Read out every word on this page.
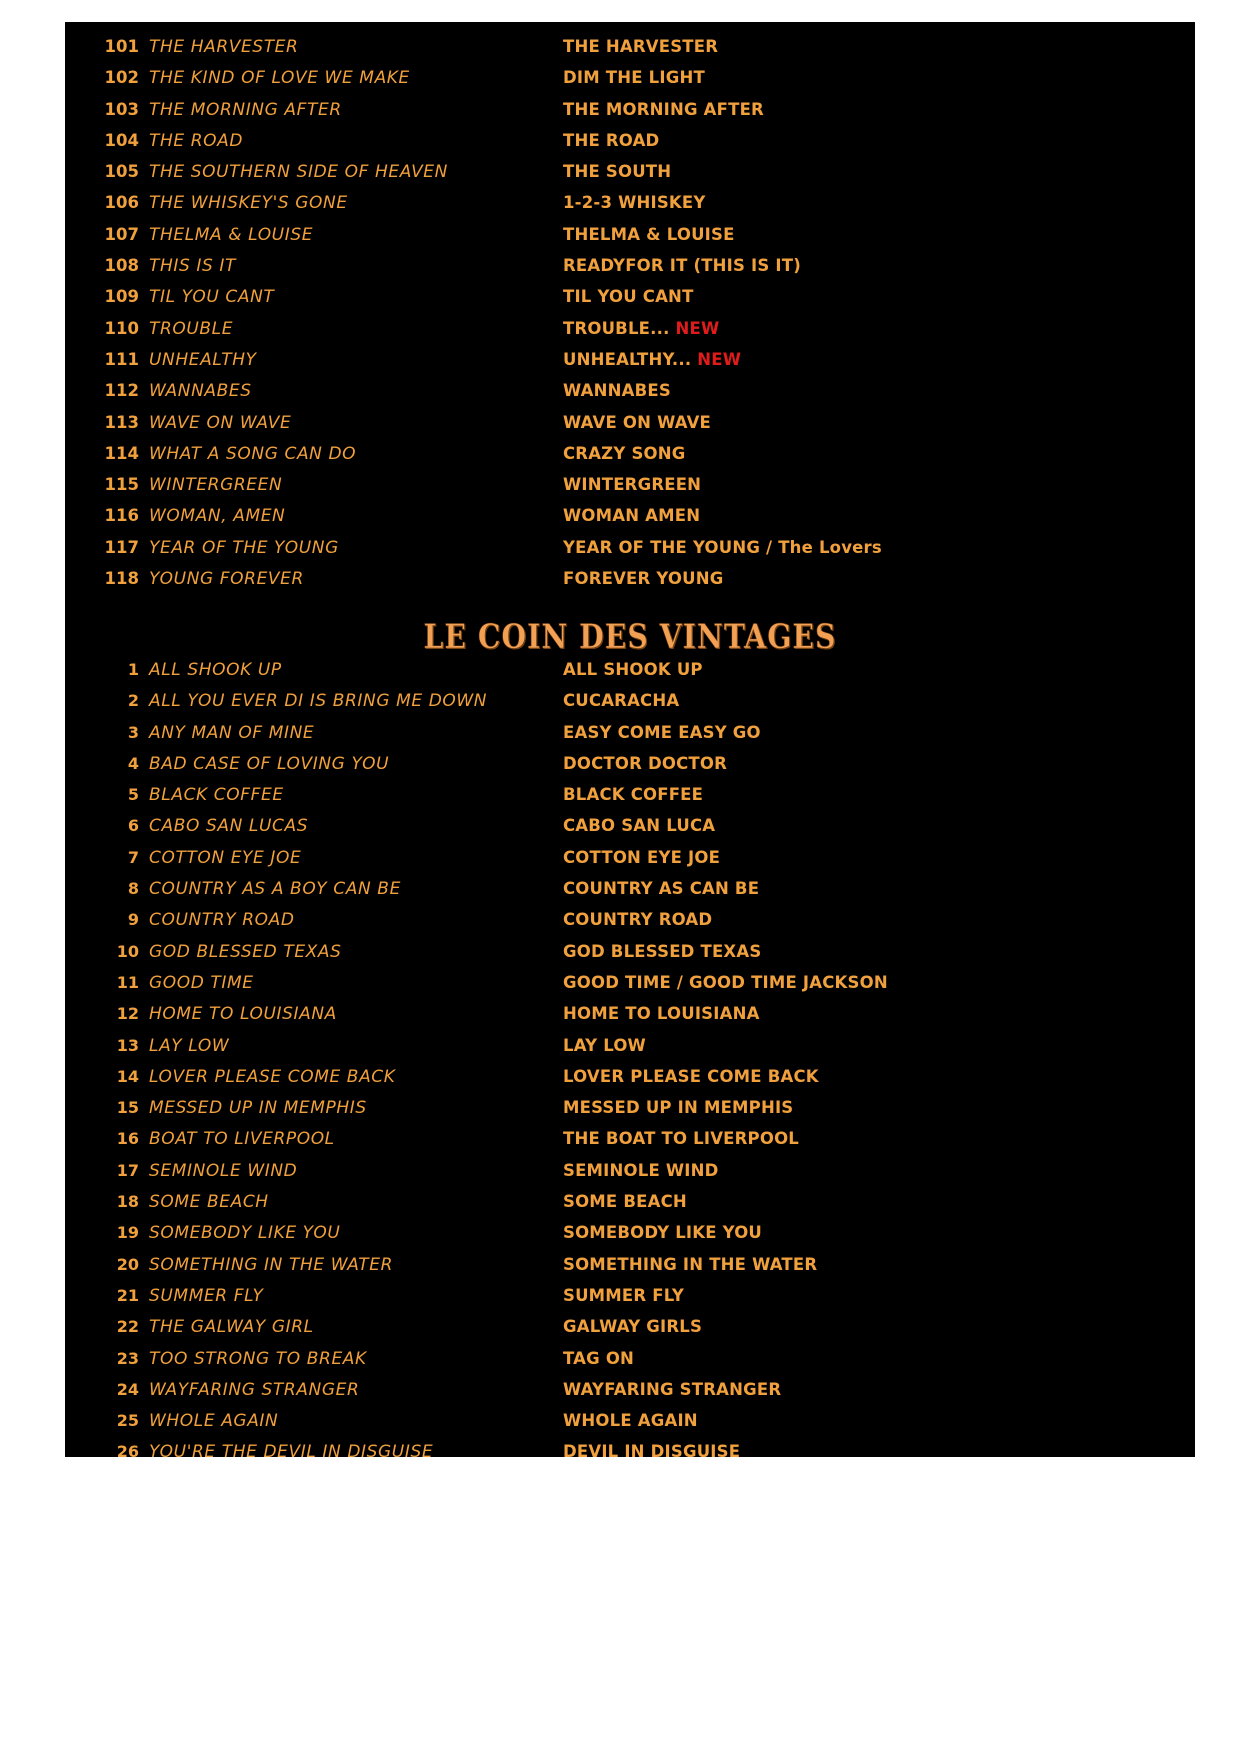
101 THE HARVESTER	THE HARVESTER
102 THE KIND OF LOVE WE MAKE	DIM THE LIGHT
103 THE MORNING AFTER	THE MORNING AFTER
104 THE ROAD	THE ROAD
105 THE SOUTHERN SIDE OF HEAVEN	THE SOUTH
106 THE WHISKEY'S GONE	1-2-3 WHISKEY
107 THELMA & LOUISE	THELMA & LOUISE
108 THIS IS IT	READYFOR IT (THIS IS IT)
109 TIL YOU CANT	TIL YOU CANT
110 TROUBLE	TROUBLE... NEW
111 UNHEALTHY	UNHEALTHY... NEW
112 WANNABES	WANNABES
113 WAVE ON WAVE	WAVE ON WAVE
114 WHAT A SONG CAN DO	CRAZY SONG
115 WINTERGREEN	WINTERGREEN
116 WOMAN, AMEN	WOMAN AMEN
117 YEAR OF THE YOUNG	YEAR OF THE YOUNG / The Lovers
118 YOUNG FOREVER	FOREVER YOUNG
LE COIN DES VINTAGES
1 ALL SHOOK UP	ALL SHOOK UP
2 ALL YOU EVER DI IS BRING ME DOWN	CUCARACHA
3 ANY MAN OF MINE	EASY COME EASY GO
4 BAD CASE OF LOVING YOU	DOCTOR DOCTOR
5 BLACK COFFEE	BLACK COFFEE
6 CABO SAN LUCAS	CABO SAN LUCA
7 COTTON EYE JOE	COTTON EYE JOE
8 COUNTRY AS A BOY CAN BE	COUNTRY AS CAN BE
9 COUNTRY ROAD	COUNTRY ROAD
10 GOD BLESSED TEXAS	GOD BLESSED TEXAS
11 GOOD TIME	GOOD TIME / GOOD TIME JACKSON
12 HOME TO LOUISIANA	HOME TO LOUISIANA
13 LAY LOW	LAY LOW
14 LOVER PLEASE COME BACK	LOVER PLEASE COME BACK
15 MESSED UP IN MEMPHIS	MESSED UP IN MEMPHIS
16 BOAT TO LIVERPOOL	THE BOAT TO LIVERPOOL
17 SEMINOLE WIND	SEMINOLE WIND
18 SOME BEACH	SOME BEACH
19 SOMEBODY LIKE YOU	SOMEBODY LIKE YOU
20 SOMETHING IN THE WATER	SOMETHING IN THE WATER
21 SUMMER FLY	SUMMER FLY
22 THE GALWAY GIRL	GALWAY GIRLS
23 TOO STRONG TO BREAK	TAG ON
24 WAYFARING STRANGER	WAYFARING STRANGER
25 WHOLE AGAIN	WHOLE AGAIN
26 YOU'RE THE DEVIL IN DISGUISE	DEVIL IN DISGUISE
